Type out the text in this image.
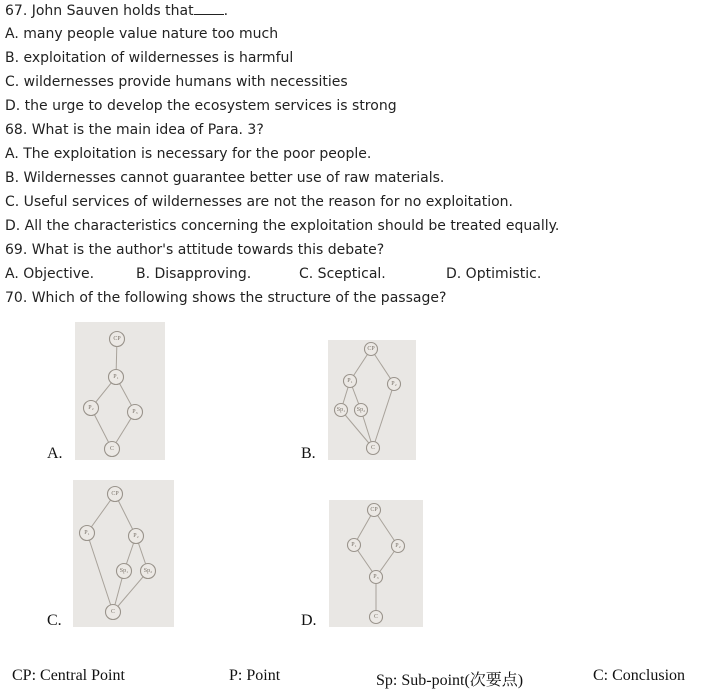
67. John Sauven holds that .
A. many people value nature too much
B. exploitation of wildernesses is harmful
C. wildernesses provide humans with necessities
D. the urge to develop the ecosystem services is strong
68. What is the main idea of Para. 3?
A. The exploitation is necessary for the poor people.
B. Wildernesses cannot guarantee better use of raw materials.
C. Useful services of wildernesses are not the reason for no exploitation.
D. All the characteristics concerning the exploitation should be treated equally.
69. What is the author's attitude towards this debate?
A. Objective.	B. Disapproving.	C. Sceptical.	D. Optimistic.
70. Which of the following shows the structure of the passage?
A.
CP
P₁
P₂
P₃
C	B.
CP
P₁	P₂
Sp₁ Sp₂
C
C.
CP
P₁	P₂
Sp₁	Sp₂
C	D.
CP
P₁	P₂
P₃
C
CP: Central Point	P: Point	Sp: Sub-point(次要点)	C: Conclusion
